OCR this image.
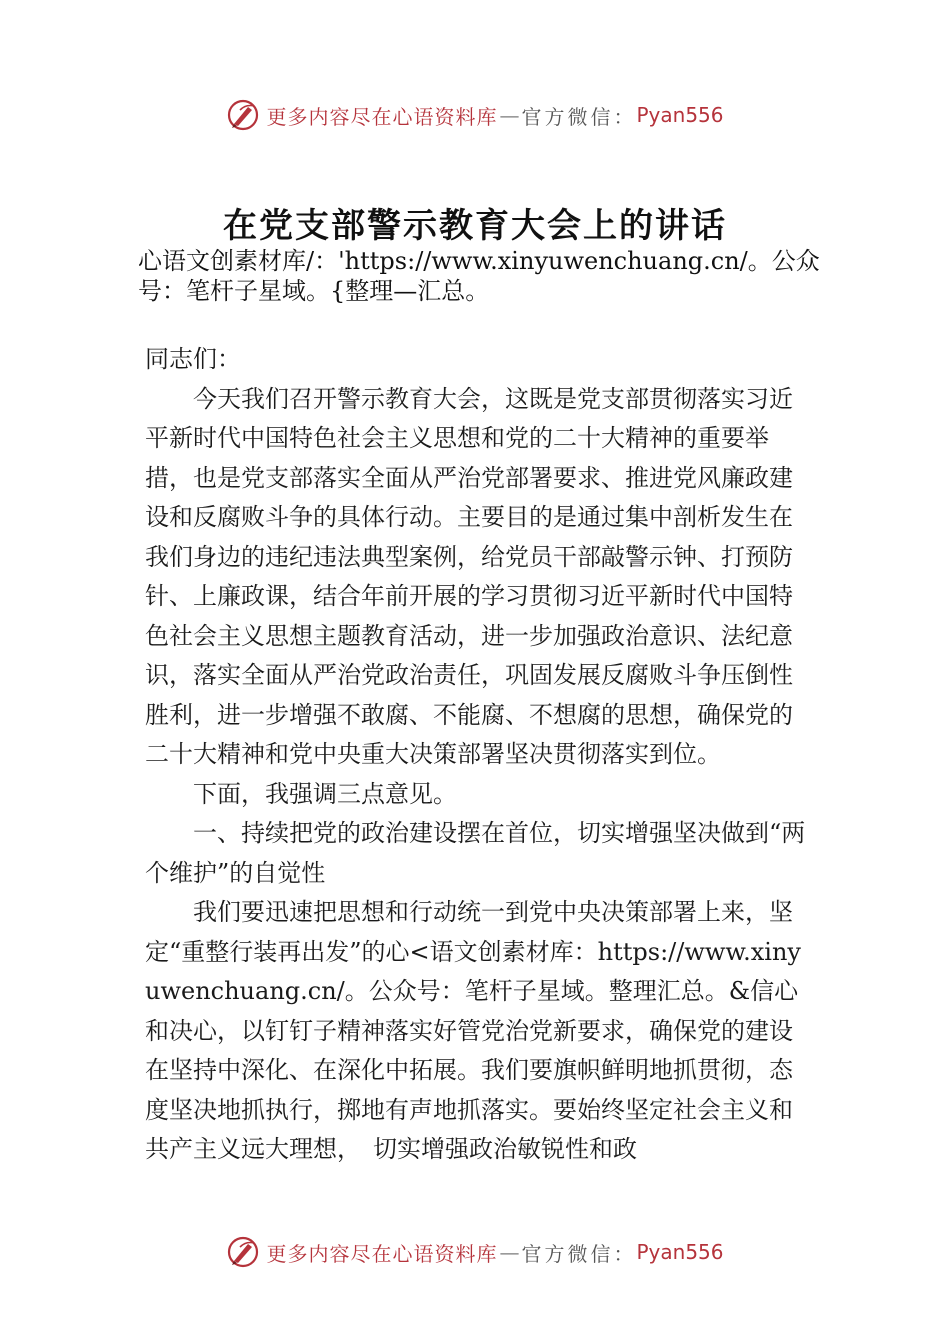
更多内容尽在心语资料库 — 官方微信： Pyan556
在党支部警示教育大会上的讲话
心语文创素材库/：'https://www.xinyuwenchuang.cn/。公众号：笔杆子星域。{整理—汇总。

同志们：

今天我们召开警示教育大会，这既是党支部贯彻落实习近平新时代中国特色社会主义思想和党的二十大精神的重要举措，也是党支部落实全面从严治党部署要求、推进党风廉政建设和反腐败斗争的具体行动。主要目的是通过集中剖析发生在我们身边的违纪违法典型案例，给党员干部敲警示钟、打预防针、上廉政课，结合年前开展的学习贯彻习近平新时代中国特色社会主义思想主题教育活动，进一步加强政治意识、法纪意识，落实全面从严治党政治责任，巩固发展反腐败斗争压倒性胜利，进一步增强不敢腐、不能腐、不想腐的思想，确保党的二十大精神和党中央重大决策部署坚决贯彻落实到位。

下面，我强调三点意见。

一、持续把党的政治建设摆在首位，切实增强坚决做到“两个维护”的自觉性

我们要迅速把思想和行动统一到党中央决策部署上来，坚定“重整行装再出发”的心<语文创素材库：https://www.xinyuwenchuang.cn/。公众号：笔杆子星域。整理汇总。&信心和决心，以钉钉子精神落实好管党治党新要求，确保党的建设在坚持中深化、在深化中拓展。我们要旗帜鲜明地抓贯彻，态度坚决地抓执行，掷地有声地抓落实。要始终坚定社会主义和共产主义远大理想，　切实增强政治敏锐性和政

更多内容尽在心语资料库 — 官方微信： Pyan556
